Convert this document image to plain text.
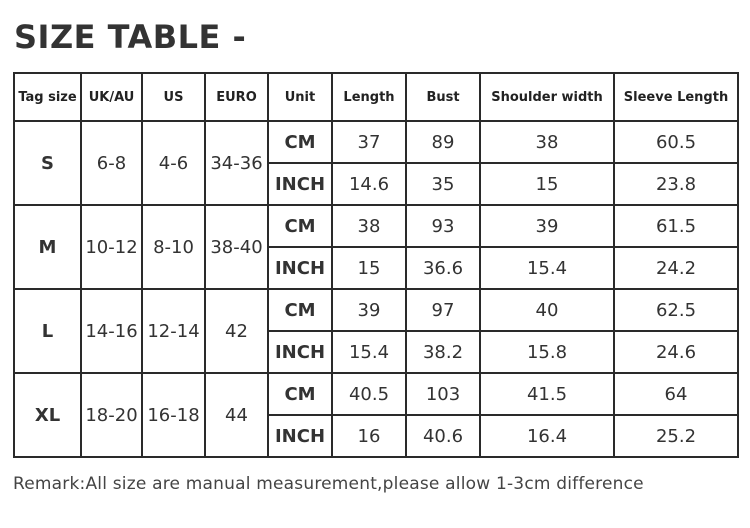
SIZE TABLE -
Tag size	UK/AU	US	EURO	Unit	Length	Bust	Shoulder width	Sleeve Length
S	6-8	4-6	34-36	CM	37	89	38	60.5
				INCH	14.6	35	15	23.8
M	10-12	8-10	38-40	CM	38	93	39	61.5
				INCH	15	36.6	15.4	24.2
L	14-16	12-14	42	CM	39	97	40	62.5
				INCH	15.4	38.2	15.8	24.6
XL	18-20	16-18	44	CM	40.5	103	41.5	64
				INCH	16	40.6	16.4	25.2

Remark:All size are manual measurement,please allow 1-3cm difference
